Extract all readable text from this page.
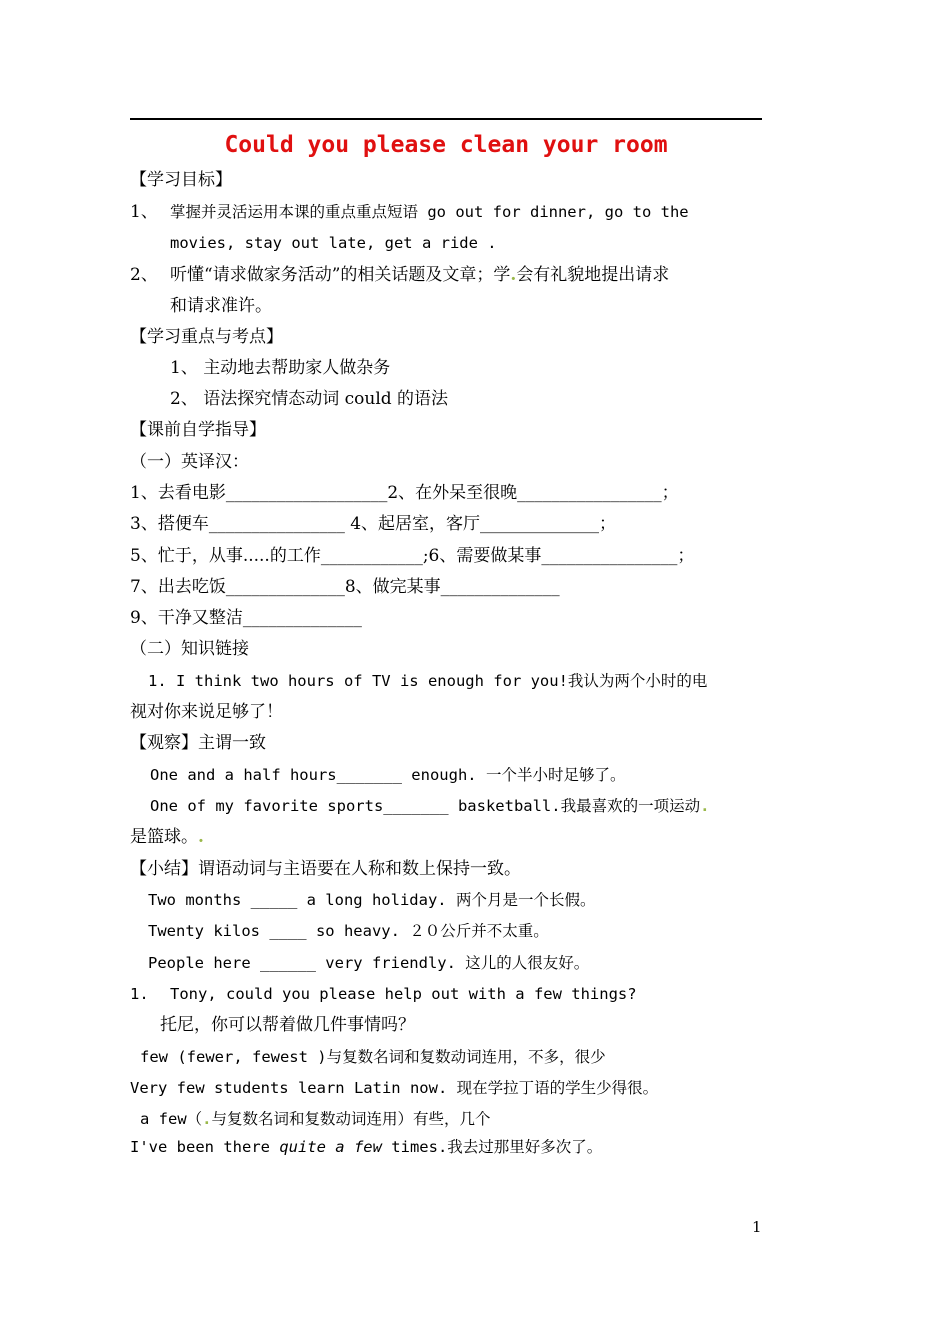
Could you please clean your room
【学习目标】
1、 掌握并灵活运用本课的重点重点短语 go out for dinner, go to the
movies, stay out late, get a ride .
2、 听懂“请求做家务活动”的相关话题及文章；学.会有礼貌地提出请求
和请求准许。
【学习重点与考点】
1、 主动地去帮助家人做杂务
2、 语法探究情态动词 could 的语法
【课前自学指导】
（一）英译汉：
1、去看电影___________________2、在外呆至很晚_________________；
3、搭便车________________ 4、起居室，客厅______________；
5、忙于，从事.....的工作____________;6、需要做某事________________；
7、出去吃饭______________8、做完某事______________
9、干净又整洁______________
（二）知识链接
1. I think two hours of TV is enough for you!我认为两个小时的电
视对你来说足够了！
【观察】主谓一致
One and a half hours_______ enough. 一个半小时足够了。
One of my favorite sports_______ basketball.我最喜欢的一项运动.
是篮球。.
【小结】谓语动词与主语要在人称和数上保持一致。
Two months _____ a long holiday. 两个月是一个长假。
Twenty kilos ____ so heavy. ２０公斤并不太重。
People here ______ very friendly. 这儿的人很友好。
1. Tony, could you please help out with a few things?
托尼，你可以帮着做几件事情吗？
few (fewer, fewest )与复数名词和复数动词连用，不多，很少
Very few students learn Latin now. 现在学拉丁语的学生少得很。
a few（.与复数名词和复数动词连用）有些，几个
I've been there quite a few times.我去过那里好多次了。
1
